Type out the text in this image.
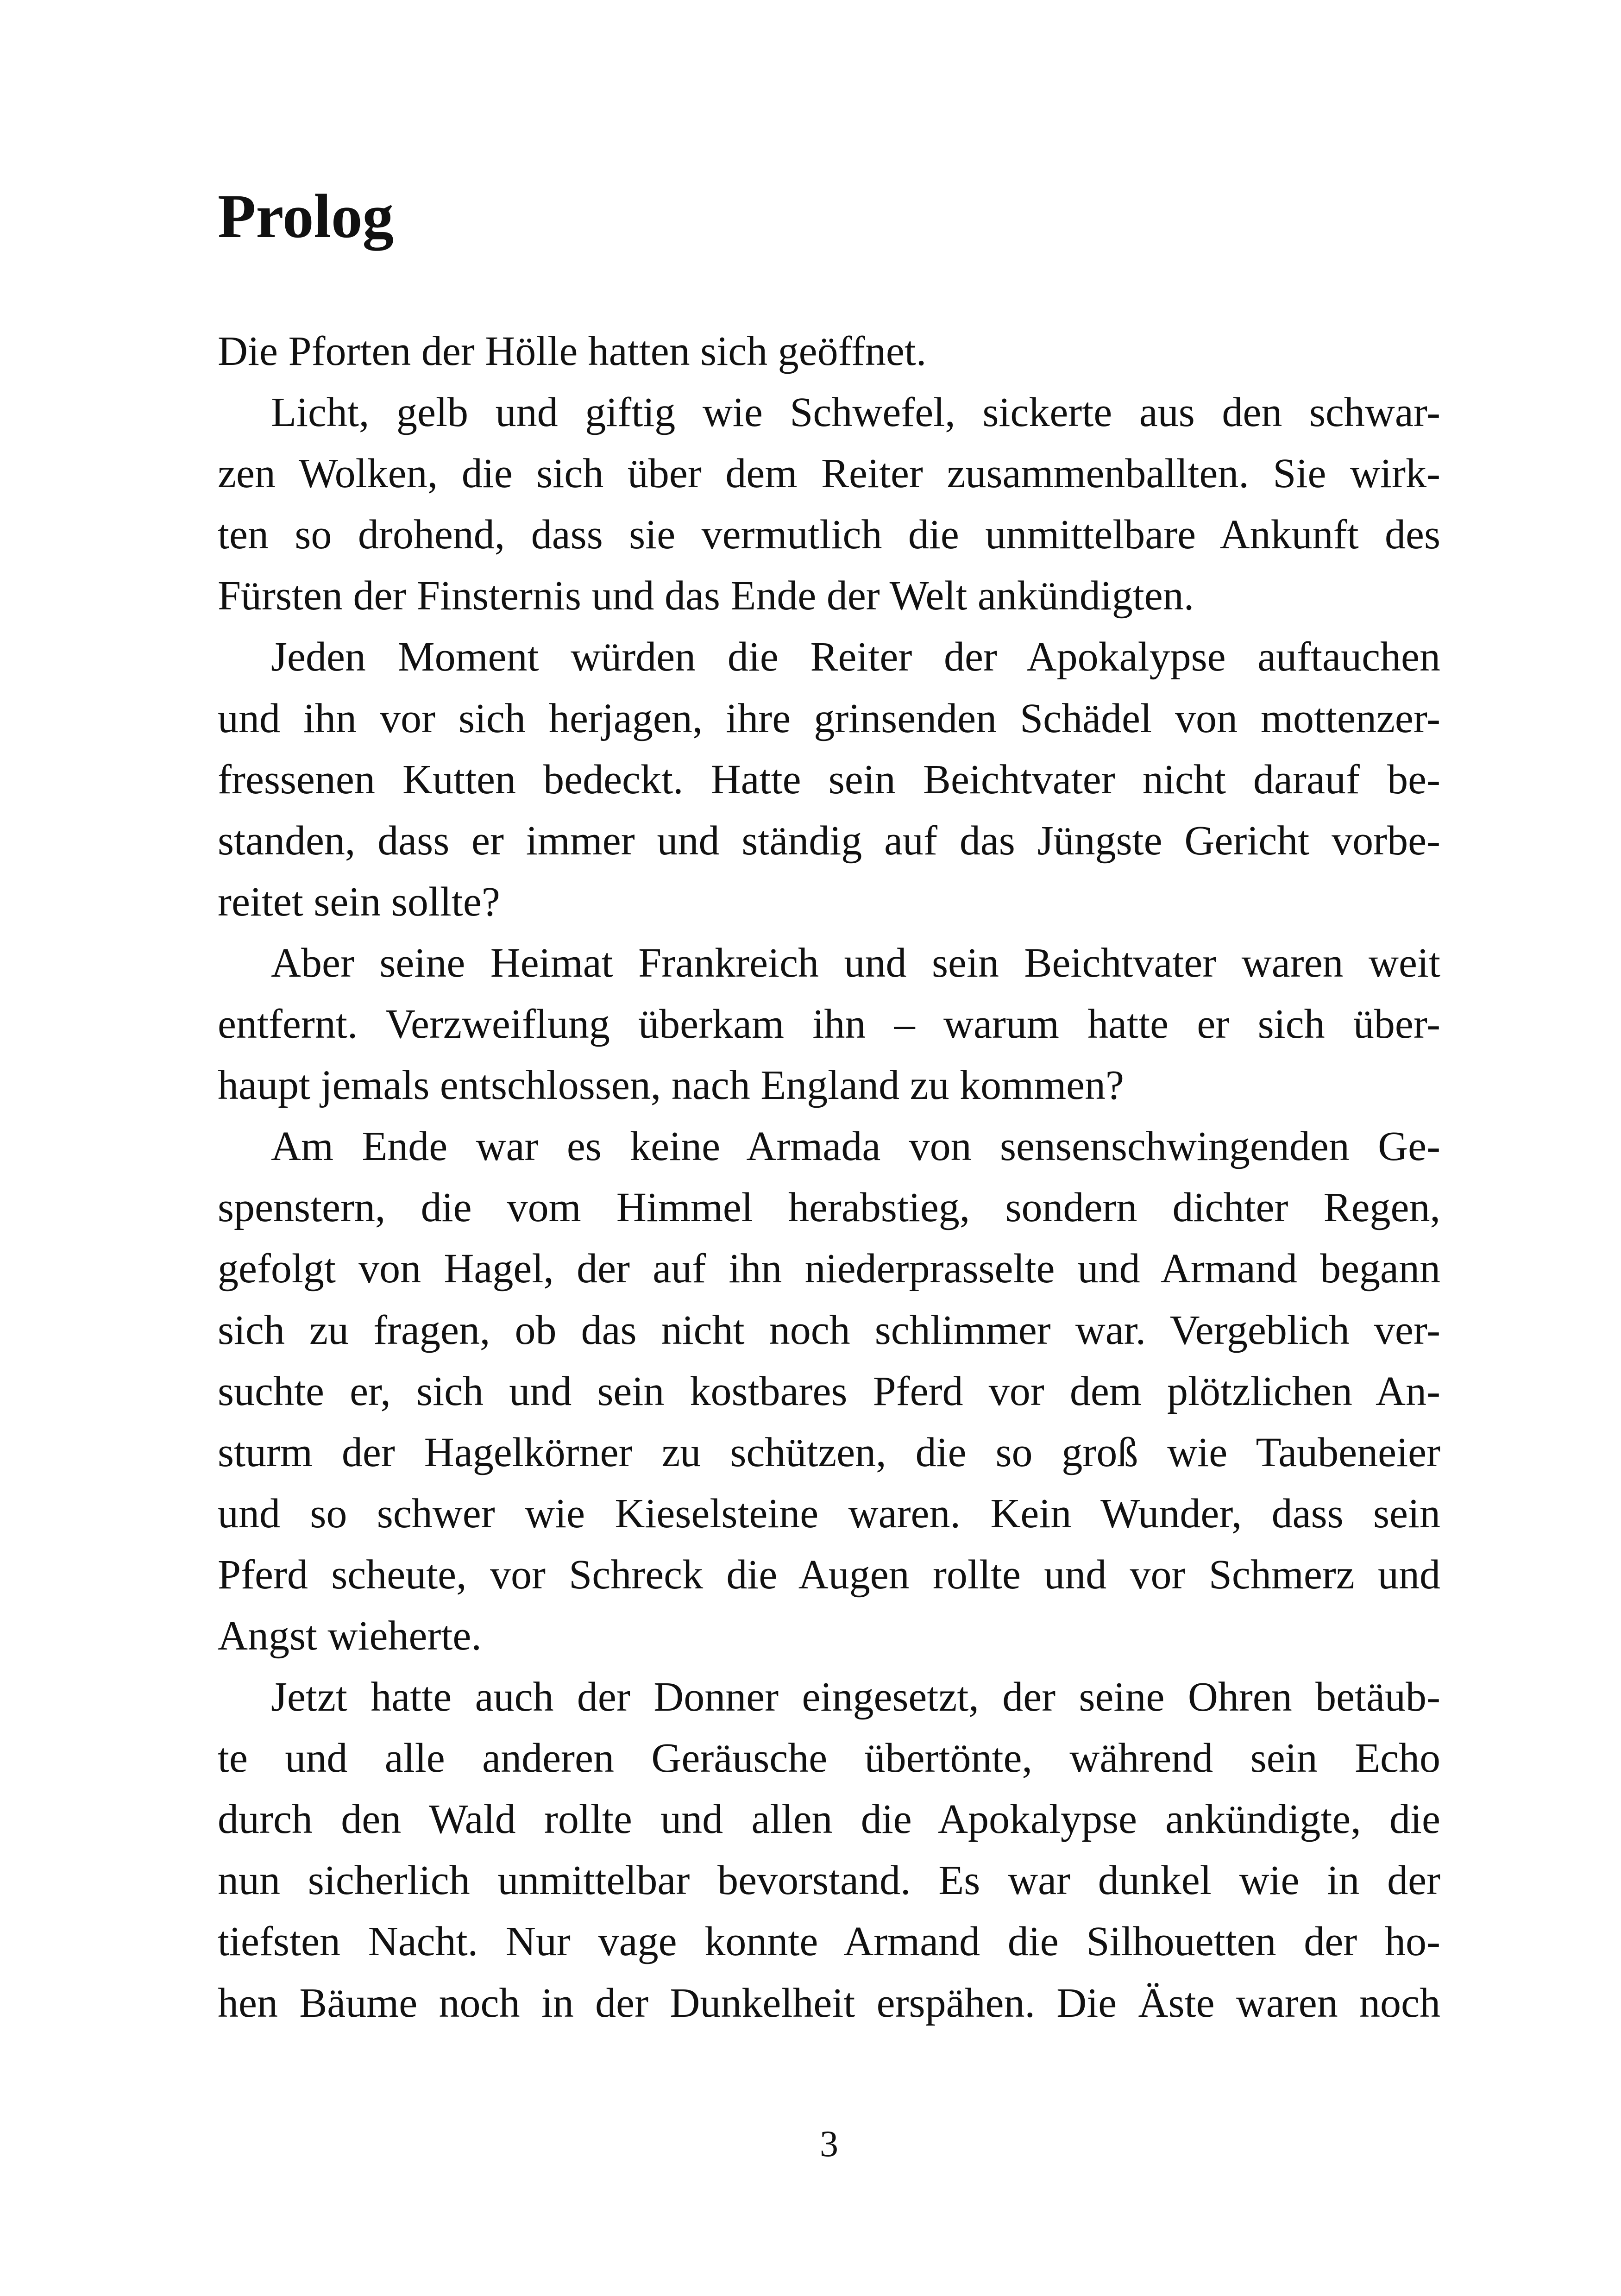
Prolog
Die Pforten der Hölle hatten sich geöffnet.
Licht, gelb und giftig wie Schwefel, sickerte aus den schwar-
zen Wolken, die sich über dem Reiter zusammenballten. Sie wirk-
ten so drohend, dass sie vermutlich die unmittelbare Ankunft des
Fürsten der Finsternis und das Ende der Welt ankündigten.
Jeden Moment würden die Reiter der Apokalypse auftauchen
und ihn vor sich herjagen, ihre grinsenden Schädel von mottenzer-
fressenen Kutten bedeckt. Hatte sein Beichtvater nicht darauf be-
standen, dass er immer und ständig auf das Jüngste Gericht vorbe-
reitet sein sollte?
Aber seine Heimat Frankreich und sein Beichtvater waren weit
entfernt. Verzweiflung überkam ihn – warum hatte er sich über-
haupt jemals entschlossen, nach England zu kommen?
Am Ende war es keine Armada von sensenschwingenden Ge-
spenstern, die vom Himmel herabstieg, sondern dichter Regen,
gefolgt von Hagel, der auf ihn niederprasselte und Armand begann
sich zu fragen, ob das nicht noch schlimmer war. Vergeblich ver-
suchte er, sich und sein kostbares Pferd vor dem plötzlichen An-
sturm der Hagelkörner zu schützen, die so groß wie Taubeneier
und so schwer wie Kieselsteine waren. Kein Wunder, dass sein
Pferd scheute, vor Schreck die Augen rollte und vor Schmerz und
Angst wieherte.
Jetzt hatte auch der Donner eingesetzt, der seine Ohren betäub-
te und alle anderen Geräusche übertönte, während sein Echo
durch den Wald rollte und allen die Apokalypse ankündigte, die
nun sicherlich unmittelbar bevorstand. Es war dunkel wie in der
tiefsten Nacht. Nur vage konnte Armand die Silhouetten der ho-
hen Bäume noch in der Dunkelheit erspähen. Die Äste waren noch
3
